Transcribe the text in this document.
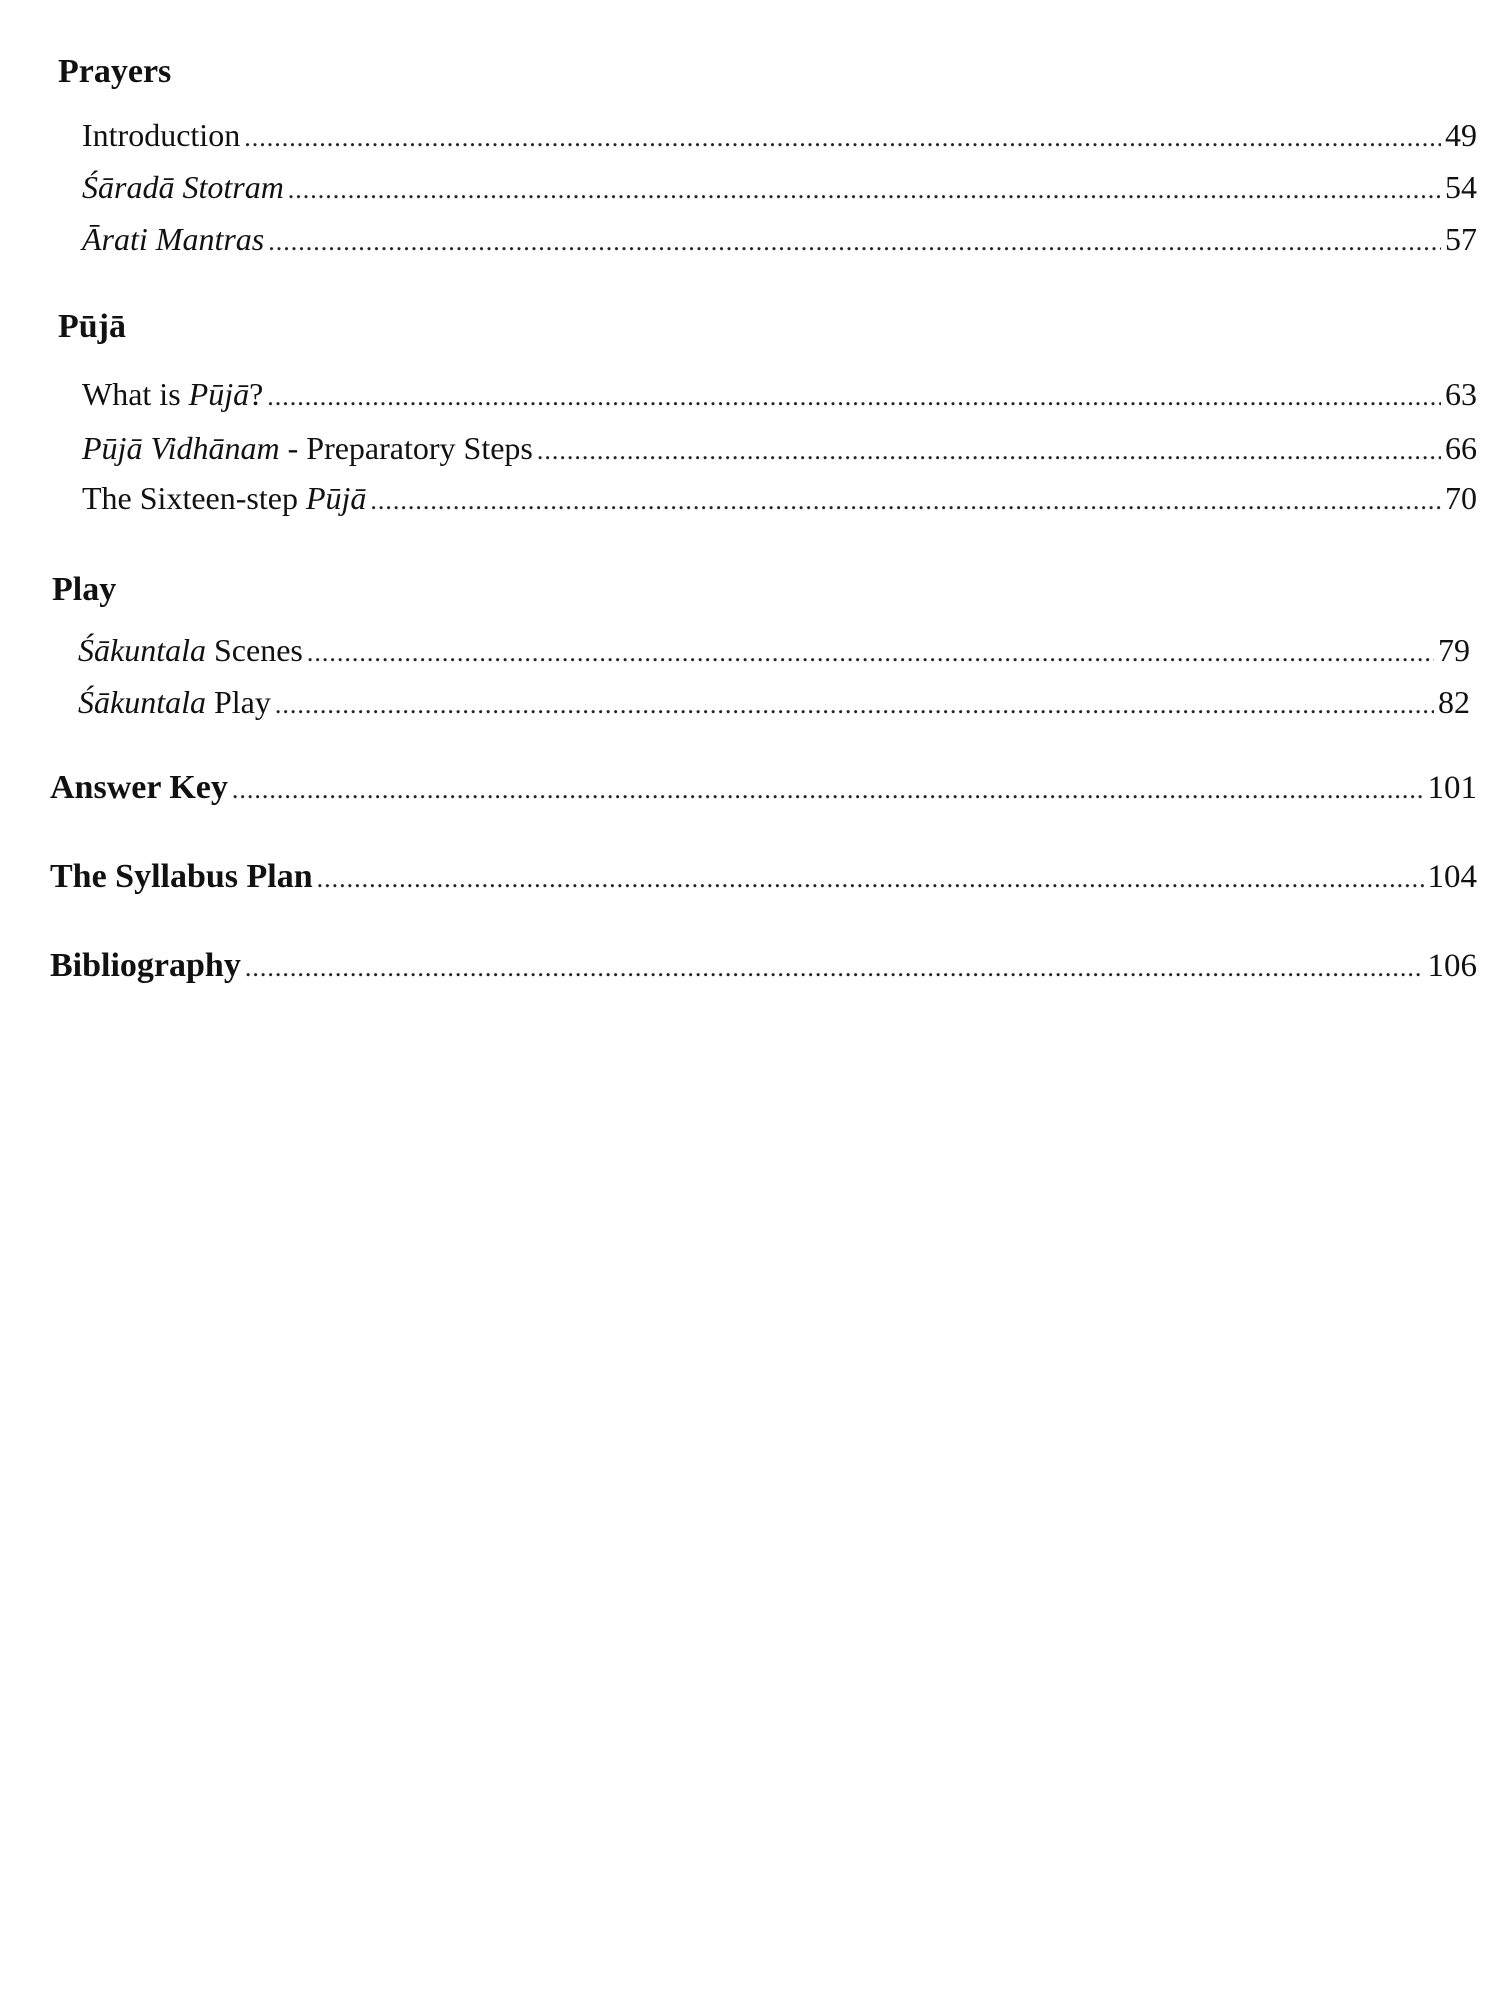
Prayers
Introduction .....	49
Śāradā Stotram .....	54
Ārati Mantras .....	57
Pūjā
What is Pūjā? .....	63
Pūjā Vidhānam - Preparatory Steps .....	66
The Sixteen-step Pūjā .....	70
Play
Śākuntala Scenes .....	79
Śākuntala Play .....	82
Answer Key .....	101
The Syllabus Plan .....	104
Bibliography .....	106
